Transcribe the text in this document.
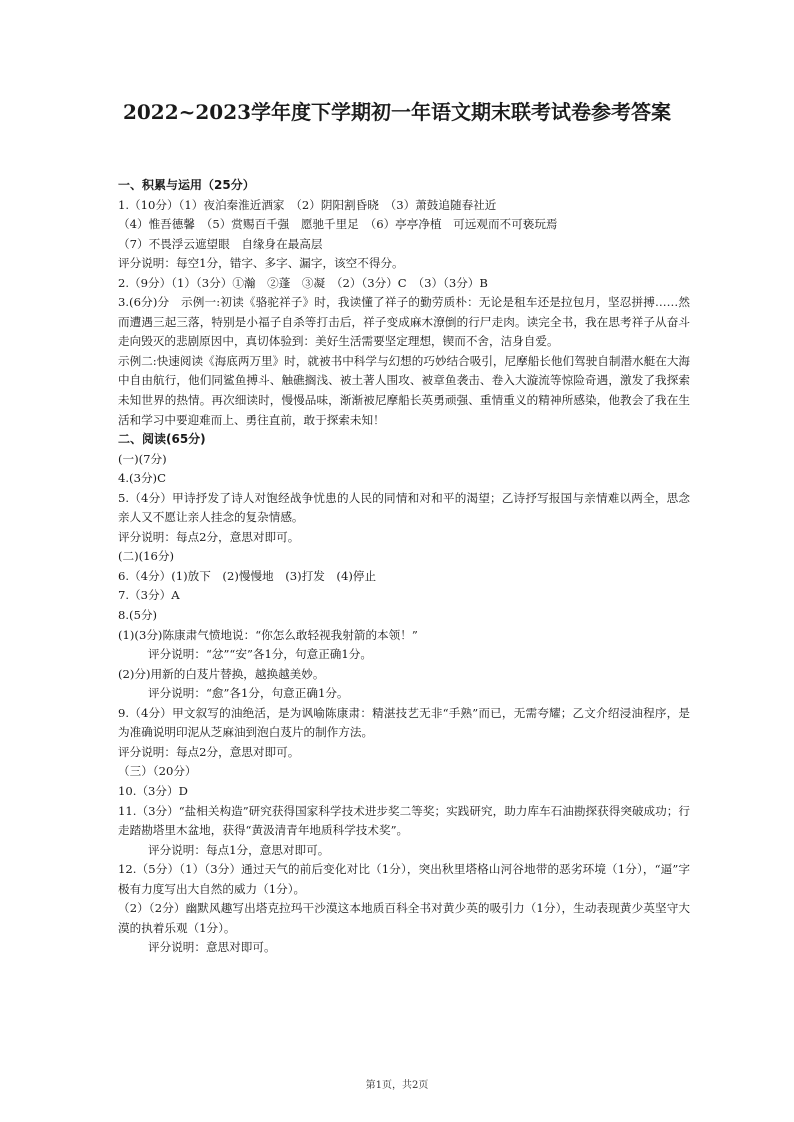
2022~2023学年度下学期初一年语文期末联考试卷参考答案
一、积累与运用（25分）
1.（10分）（1）夜泊秦淮近酒家　（2）阴阳割昏晓　（3）萧鼓追随春社近
（4）惟吾德馨　（5）赏赐百千强　愿驰千里足　（6）亭亭净植　可远观而不可亵玩焉
（7）不畏浮云遮望眼　自缘身在最高层
评分说明：每空1分，错字、多字、漏字，该空不得分。
2.（9分）（1）（3分）①瀚　②蓬　③凝　（2）（3分）C　（3）（3分）B
3.(6分)分　示例一:初读《骆驼祥子》时，我读懂了祥子的勤劳质朴：无论是租车还是拉包月，坚忍拼搏……然而遭遇三起三落，特别是小福子自杀等打击后，祥子变成麻木潦倒的行尸走肉。读完全书，我在思考祥子从奋斗走向毁灭的悲剧原因中，真切体验到：美好生活需要坚定理想，锲而不舍，洁身自爱。
示例二:快速阅读《海底两万里》时，就被书中科学与幻想的巧妙结合吸引，尼摩船长他们驾驶自制潜水艇在大海中自由航行，他们同鲨鱼搏斗、触礁搁浅、被土著人围攻、被章鱼袭击、卷入大漩流等惊险奇遇，激发了我探索未知世界的热情。再次细读时，慢慢品味，渐渐被尼摩船长英勇顽强、重情重义的精神所感染，他教会了我在生活和学习中要迎难而上、勇往直前，敢于探索未知！
二、阅读(65分)
(一)(7分)
4.(3分)C
5.（4分）甲诗抒发了诗人对饱经战争忧患的人民的同情和对和平的渴望；乙诗抒写报国与亲情难以两全，思念亲人又不愿让亲人挂念的复杂情感。
评分说明：每点2分，意思对即可。
(二)(16分)
6.（4分）(1)放下　(2)慢慢地　(3)打发　(4)停止
7.（3分）A
8.(5分)
(1)(3分)陈康肃气愤地说：“你怎么敢轻视我射箭的本领！”
评分说明：“忿”“安”各1分，句意正确1分。
(2)分)用新的白芨片替换，越换越美妙。
评分说明：“愈”各1分，句意正确1分。
9.（4分）甲文叙写的油绝活，是为讽喻陈康肃：精湛技艺无非“手熟”而已，无需夸耀；乙文介绍浸油程序，是为准确说明印泥从芝麻油到泡白芨片的制作方法。
评分说明：每点2分，意思对即可。
（三）（20分）
10.（3分）D
11.（3分）“盐相关构造”研究获得国家科学技术进步奖二等奖；实践研究，助力库车石油勘探获得突破成功；行走踏勘塔里木盆地，获得“黄汲清青年地质科学技术奖”。
评分说明：每点1分，意思对即可。
12.（5分）（1）（3分）通过天气的前后变化对比（1分），突出秋里塔格山河谷地带的恶劣环境（1分），“逼”字极有力度写出大自然的威力（1分）。
（2）（2分）幽默风趣写出塔克拉玛干沙漠这本地质百科全书对黄少英的吸引力（1分），生动表现黄少英坚守大漠的执着乐观（1分）。
评分说明：意思对即可。
第1页，共2页
